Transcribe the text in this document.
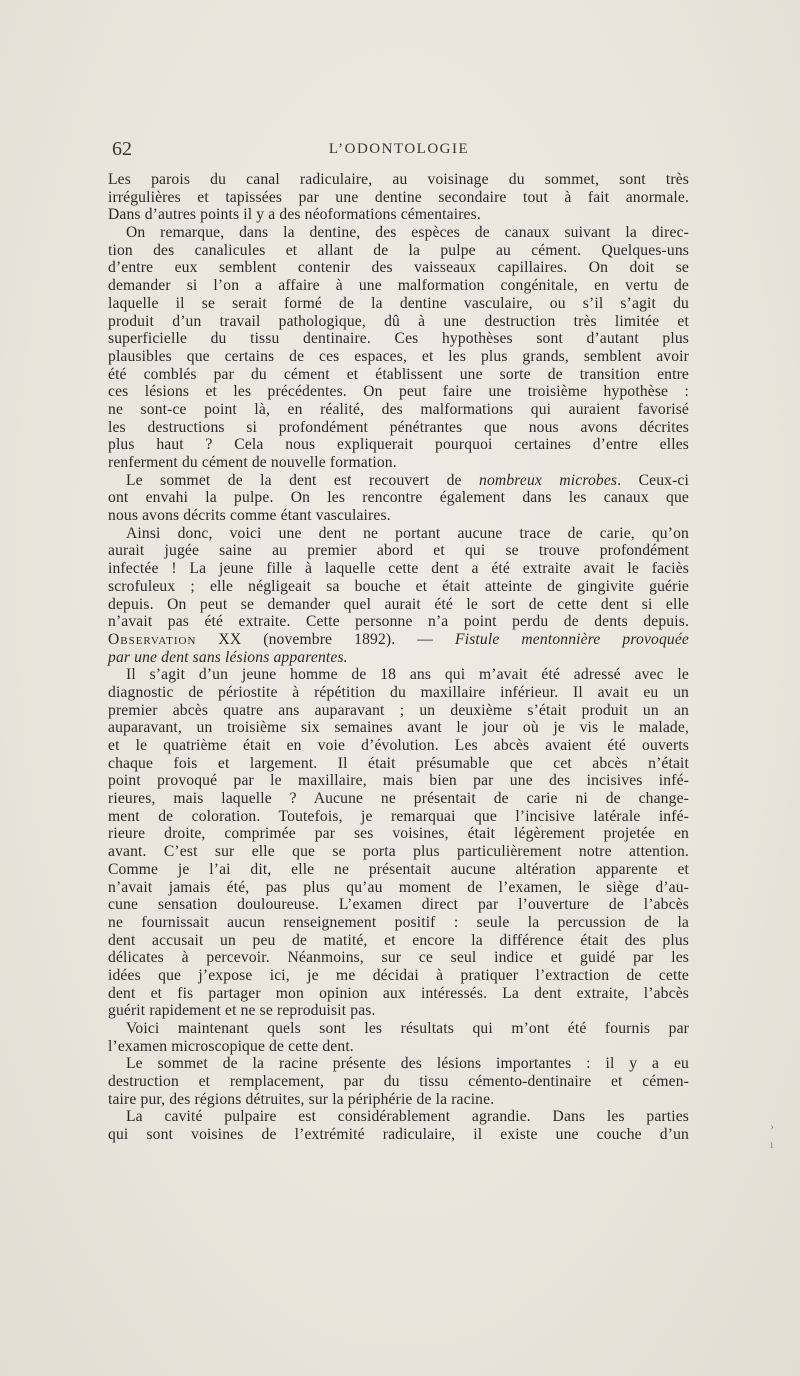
62	L’ODONTOLOGIE
Les parois du canal radiculaire, au voisinage du sommet, sont très
irrégulières et tapissées par une dentine secondaire tout à fait anormale.
Dans d’autres points il y a des néoformations cémentaires.
On remarque, dans la dentine, des espèces de canaux suivant la direc-
tion des canalicules et allant de la pulpe au cément. Quelques-uns
d’entre eux semblent contenir des vaisseaux capillaires. On doit se
demander si l’on a affaire à une malformation congénitale, en vertu de
laquelle il se serait formé de la dentine vasculaire, ou s’il s’agit du
produit d’un travail pathologique, dû à une destruction très limitée et
superficielle du tissu dentinaire. Ces hypothèses sont d’autant plus
plausibles que certains de ces espaces, et les plus grands, semblent avoir
été comblés par du cément et établissent une sorte de transition entre
ces lésions et les précédentes. On peut faire une troisième hypothèse :
ne sont-ce point là, en réalité, des malformations qui auraient favorisé
les destructions si profondément pénétrantes que nous avons décrites
plus haut ? Cela nous expliquerait pourquoi certaines d’entre elles
renferment du cément de nouvelle formation.
Le sommet de la dent est recouvert de nombreux microbes. Ceux-ci
ont envahi la pulpe. On les rencontre également dans les canaux que
nous avons décrits comme étant vasculaires.
Ainsi donc, voici une dent ne portant aucune trace de carie, qu’on
aurait jugée saine au premier abord et qui se trouve profondément
infectée ! La jeune fille à laquelle cette dent a été extraite avait le faciès
scrofuleux ; elle négligeait sa bouche et était atteinte de gingivite guérie
depuis. On peut se demander quel aurait été le sort de cette dent si elle
n’avait pas été extraite. Cette personne n’a point perdu de dents depuis.
Observation XX (novembre 1892). — Fistule mentonnière provoquée
par une dent sans lésions apparentes.
Il s’agit d’un jeune homme de 18 ans qui m’avait été adressé avec le
diagnostic de périostite à répétition du maxillaire inférieur. Il avait eu un
premier abcès quatre ans auparavant ; un deuxième s’était produit un an
auparavant, un troisième six semaines avant le jour où je vis le malade,
et le quatrième était en voie d’évolution. Les abcès avaient été ouverts
chaque fois et largement. Il était présumable que cet abcès n’était
point provoqué par le maxillaire, mais bien par une des incisives infé-
rieures, mais laquelle ? Aucune ne présentait de carie ni de change-
ment de coloration. Toutefois, je remarquai que l’incisive latérale infé-
rieure droite, comprimée par ses voisines, était légèrement projetée en
avant. C’est sur elle que se porta plus particulièrement notre attention.
Comme je l’ai dit, elle ne présentait aucune altération apparente et
n’avait jamais été, pas plus qu’au moment de l’examen, le siège d’au-
cune sensation douloureuse. L’examen direct par l’ouverture de l’abcès
ne fournissait aucun renseignement positif : seule la percussion de la
dent accusait un peu de matité, et encore la différence était des plus
délicates à percevoir. Néanmoins, sur ce seul indice et guidé par les
idées que j’expose ici, je me décidai à pratiquer l’extraction de cette
dent et fis partager mon opinion aux intéressés. La dent extraite, l’abcès
guérit rapidement et ne se reproduisit pas.
Voici maintenant quels sont les résultats qui m’ont été fournis par
l’examen microscopique de cette dent.
Le sommet de la racine présente des lésions importantes : il y a eu
destruction et remplacement, par du tissu cémento-dentinaire et cémen-
taire pur, des régions détruites, sur la périphérie de la racine.
La cavité pulpaire est considérablement agrandie. Dans les parties
qui sont voisines de l’extrémité radiculaire, il existe une couche d’un
›
ı
